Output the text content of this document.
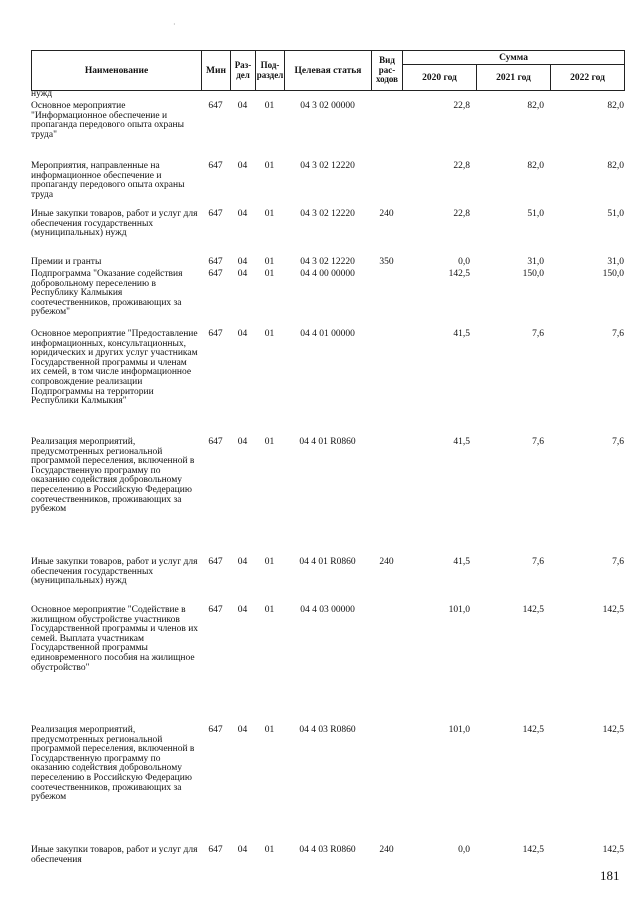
·
Наименование	Мин	Раз-дел	Под-раздел	Целевая статья	Вид рас-ходов	Сумма		
						2020 год	2021 год	2022 год
нужд								
Основное мероприятие "Информационное обеспечение и пропаганда передового опыта охраны труда"	647	04	01	04 3 02 00000		22,8	82,0	82,0
Мероприятия, направленные на информационное обеспечение и пропаганду передового опыта охраны труда	647	04	01	04 3 02 12220		22,8	82,0	82,0
Иные закупки товаров, работ и услуг для обеспечения государственных (муниципальных) нужд	647	04	01	04 3 02 12220	240	22,8	51,0	51,0
Премии и гранты	647	04	01	04 3 02 12220	350	0,0	31,0	31,0
Подпрограмма "Оказание содействия добровольному переселению в Республику Калмыкия соотечественников, проживающих за рубежом"	647	04	01	04 4 00 00000		142,5	150,0	150,0
Основное мероприятие "Предоставление информационных, консультационных, юридических и других услуг участникам Государственной программы и членам их семей, в том числе информационное сопровождение реализации Подпрограммы на территории Республики Калмыкия"	647	04	01	04 4 01 00000		41,5	7,6	7,6
Реализация мероприятий, предусмотренных региональной программой переселения, включенной в Государственную программу по оказанию содействия добровольному переселению в Российскую Федерацию соотечественников, проживающих за рубежом	647	04	01	04 4 01 R0860		41,5	7,6	7,6
Иные закупки товаров, работ и услуг для обеспечения государственных (муниципальных) нужд	647	04	01	04 4 01 R0860	240	41,5	7,6	7,6
Основное мероприятие "Содействие в жилищном обустройстве участников Государственной программы и членов их семей. Выплата участникам Государственной программы единовременного пособия на жилищное обустройство"	647	04	01	04 4 03 00000		101,0	142,5	142,5
Реализация мероприятий, предусмотренных региональной программой переселения, включенной в Государственную программу по оказанию содействия добровольному переселению в Российскую Федерацию соотечественников, проживающих за рубежом	647	04	01	04 4 03 R0860		101,0	142,5	142,5
Иные закупки товаров, работ и услуг для обеспечения	647	04	01	04 4 03 R0860	240	0,0	142,5	142,5
181
